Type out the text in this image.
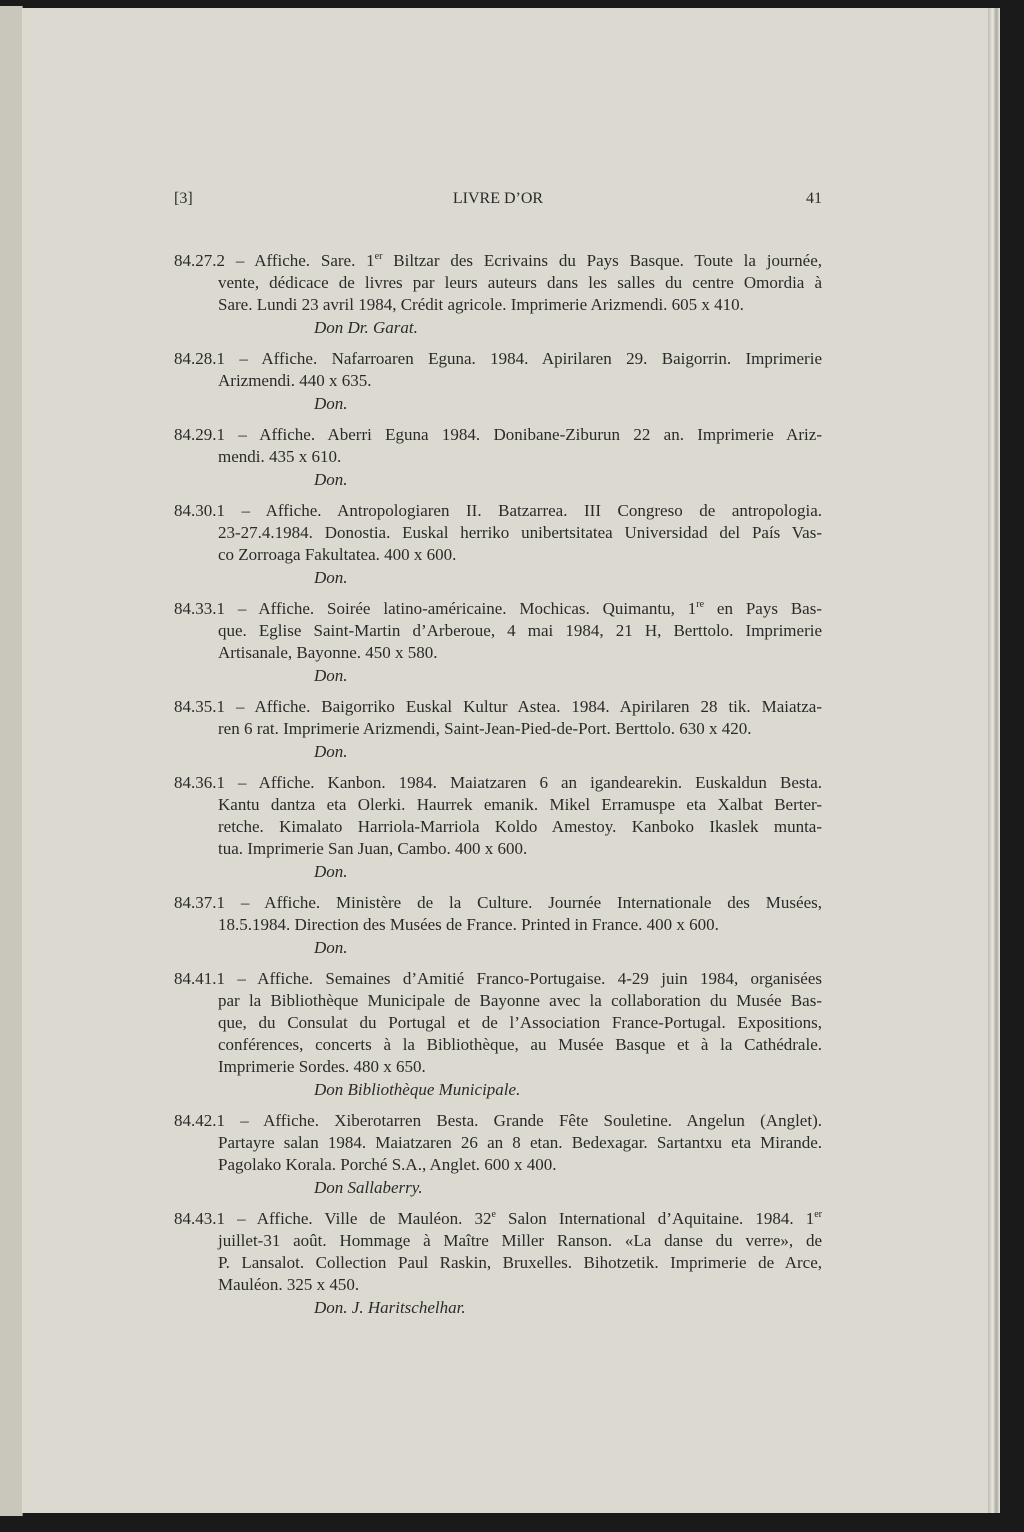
[3]	LIVRE D’OR	41
84.27.2 – Affiche. Sare. 1er Biltzar des Ecrivains du Pays Basque. Toute la journée,
vente, dédicace de livres par leurs auteurs dans les salles du centre Omordia à
Sare. Lundi 23 avril 1984, Crédit agricole. Imprimerie Arizmendi. 605 x 410.
Don Dr. Garat.
84.28.1 – Affiche. Nafarroaren Eguna. 1984. Apirilaren 29. Baigorrin. Imprimerie
Arizmendi. 440 x 635.
Don.
84.29.1 – Affiche. Aberri Eguna 1984. Donibane-Ziburun 22 an. Imprimerie Ariz-
mendi. 435 x 610.
Don.
84.30.1 – Affiche. Antropologiaren II. Batzarrea. III Congreso de antropologia.
23-27.4.1984. Donostia. Euskal herriko unibertsitatea Universidad del País Vas-
co Zorroaga Fakultatea. 400 x 600.
Don.
84.33.1 – Affiche. Soirée latino-américaine. Mochicas. Quimantu, 1re en Pays Bas-
que. Eglise Saint-Martin d’Arberoue, 4 mai 1984, 21 H, Berttolo. Imprimerie
Artisanale, Bayonne. 450 x 580.
Don.
84.35.1 – Affiche. Baigorriko Euskal Kultur Astea. 1984. Apirilaren 28 tik. Maiatza-
ren 6 rat. Imprimerie Arizmendi, Saint-Jean-Pied-de-Port. Berttolo. 630 x 420.
Don.
84.36.1 – Affiche. Kanbon. 1984. Maiatzaren 6 an igandearekin. Euskaldun Besta.
Kantu dantza eta Olerki. Haurrek emanik. Mikel Erramuspe eta Xalbat Berter-
retche. Kimalato Harriola-Marriola Koldo Amestoy. Kanboko Ikaslek munta-
tua. Imprimerie San Juan, Cambo. 400 x 600.
Don.
84.37.1 – Affiche. Ministère de la Culture. Journée Internationale des Musées,
18.5.1984. Direction des Musées de France. Printed in France. 400 x 600.
Don.
84.41.1 – Affiche. Semaines d’Amitié Franco-Portugaise. 4-29 juin 1984, organisées
par la Bibliothèque Municipale de Bayonne avec la collaboration du Musée Bas-
que, du Consulat du Portugal et de l’Association France-Portugal. Expositions,
conférences, concerts à la Bibliothèque, au Musée Basque et à la Cathédrale.
Imprimerie Sordes. 480 x 650.
Don Bibliothèque Municipale.
84.42.1 – Affiche. Xiberotarren Besta. Grande Fête Souletine. Angelun (Anglet).
Partayre salan 1984. Maiatzaren 26 an 8 etan. Bedexagar. Sartantxu eta Mirande.
Pagolako Korala. Porché S.A., Anglet. 600 x 400.
Don Sallaberry.
84.43.1 – Affiche. Ville de Mauléon. 32e Salon International d’Aquitaine. 1984. 1er
juillet-31 août. Hommage à Maître Miller Ranson. «La danse du verre», de
P. Lansalot. Collection Paul Raskin, Bruxelles. Bihotzetik. Imprimerie de Arce,
Mauléon. 325 x 450.
Don. J. Haritschelhar.
